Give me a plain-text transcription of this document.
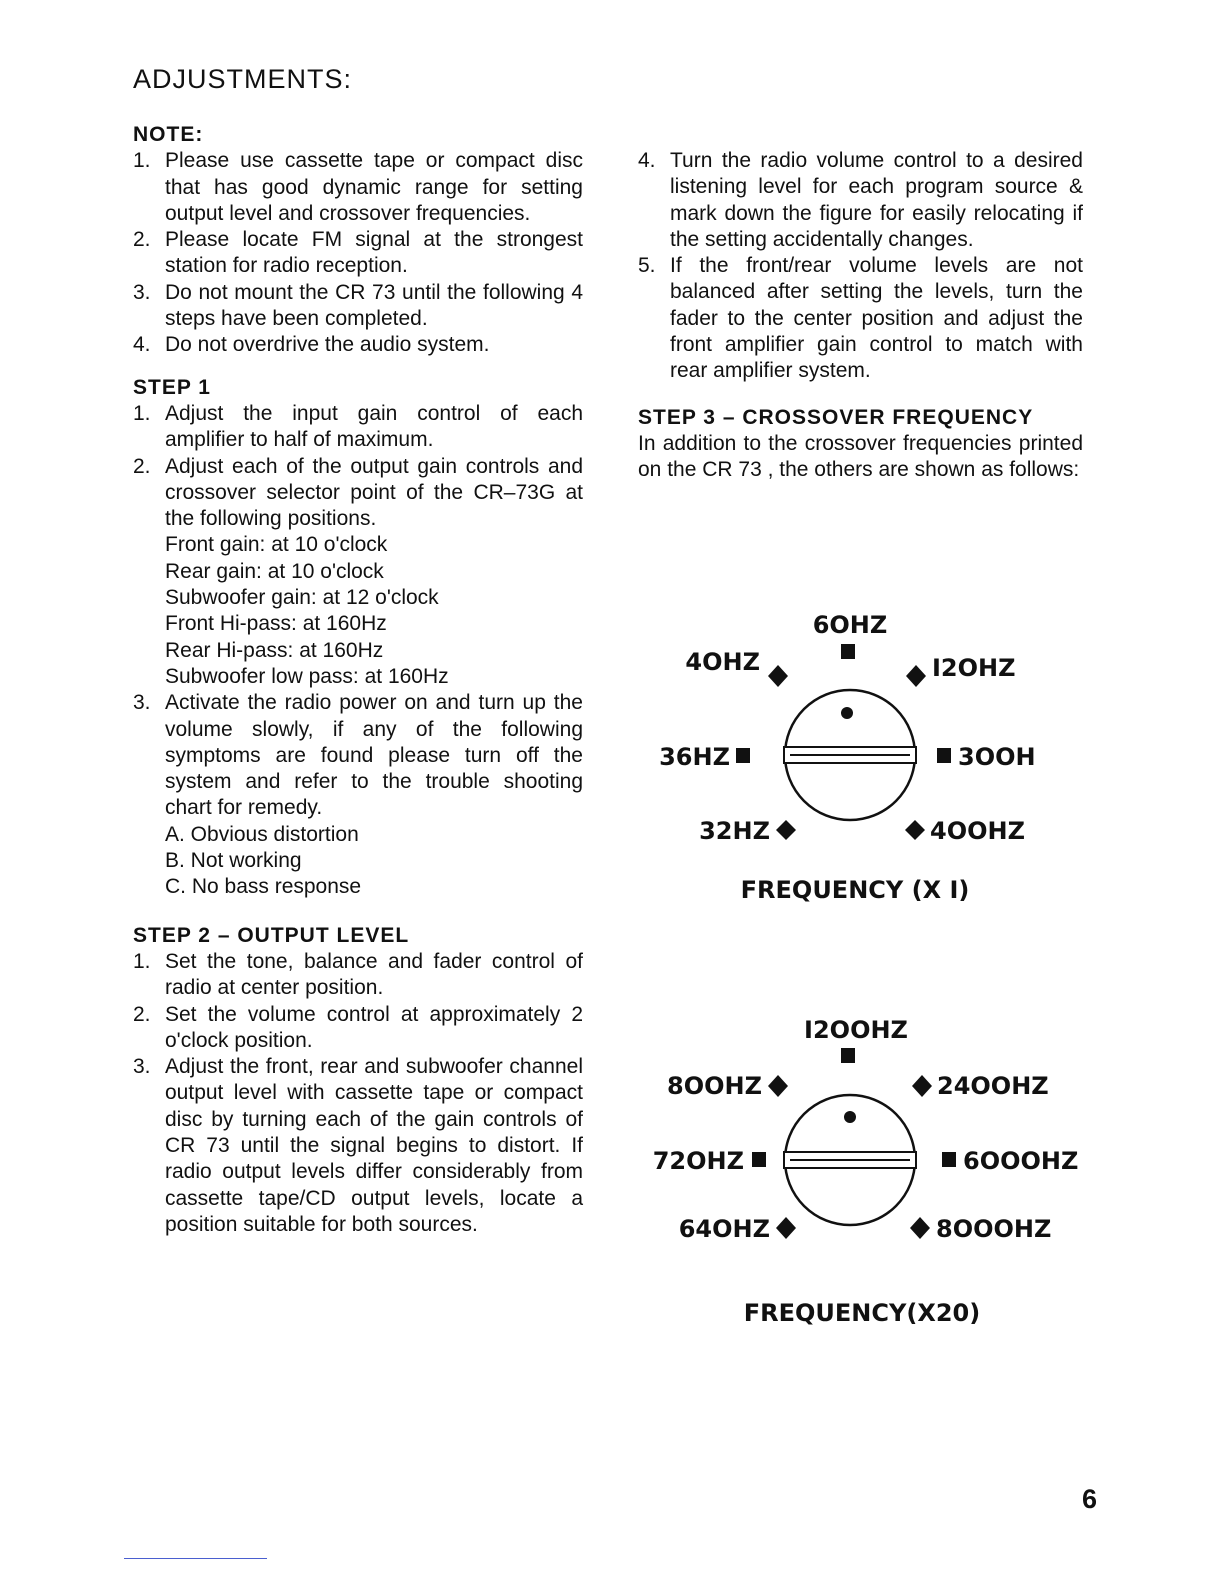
ADJUSTMENTS:
NOTE:
1. Please use cassette tape or compact disc that has good dynamic range for setting output level and crossover frequencies.
2. Please locate FM signal at the strongest station for radio reception.
3. Do not mount the CR 73 until the following 4 steps have been completed.
4. Do not overdrive the audio system.
STEP 1
1. Adjust the input gain control of each amplifier to half of maximum.
2. Adjust each of the output gain controls and crossover selector point of the CR–73G at the following positions.
Front gain: at 10 o'clock
Rear gain: at 10 o'clock
Subwoofer gain: at 12 o'clock
Front Hi-pass: at 160Hz
Rear Hi-pass: at 160Hz
Subwoofer low pass: at 160Hz
3. Activate the radio power on and turn up the volume slowly, if any of the following symptoms are found please turn off the system and refer to the trouble shooting chart for remedy.
A. Obvious distortion
B. Not working
C. No bass response
STEP 2 – OUTPUT LEVEL
1. Set the tone, balance and fader control of radio at center position.
2. Set the volume control at approximately 2 o'clock position.
3. Adjust the front, rear and subwoofer channel output level with cassette tape or compact disc by turning each of the gain controls of CR 73 until the signal begins to distort. If radio output levels differ considerably from cassette tape/CD output levels, locate a position suitable for both sources.
4. Turn the radio volume control to a desired listening level for each program source & mark down the figure for easily relocating if the setting accidentally changes.
5. If the front/rear volume levels are not balanced after setting the levels, turn the fader to the center position and adjust the front amplifier gain control to match with rear amplifier system.
STEP 3 – CROSSOVER FREQUENCY
In addition to the crossover frequencies printed on the CR 73 , the others are shown as follows:
6OHZ
4OHZ	I2OHZ
36HZ	3OOH
32HZ	4OOHZ
FREQUENCY (X I)
I2OOHZ
8OOHZ	24OOHZ
72OHZ	6OOOHZ
64OHZ	8OOOHZ
FREQUENCY(X20)
6
